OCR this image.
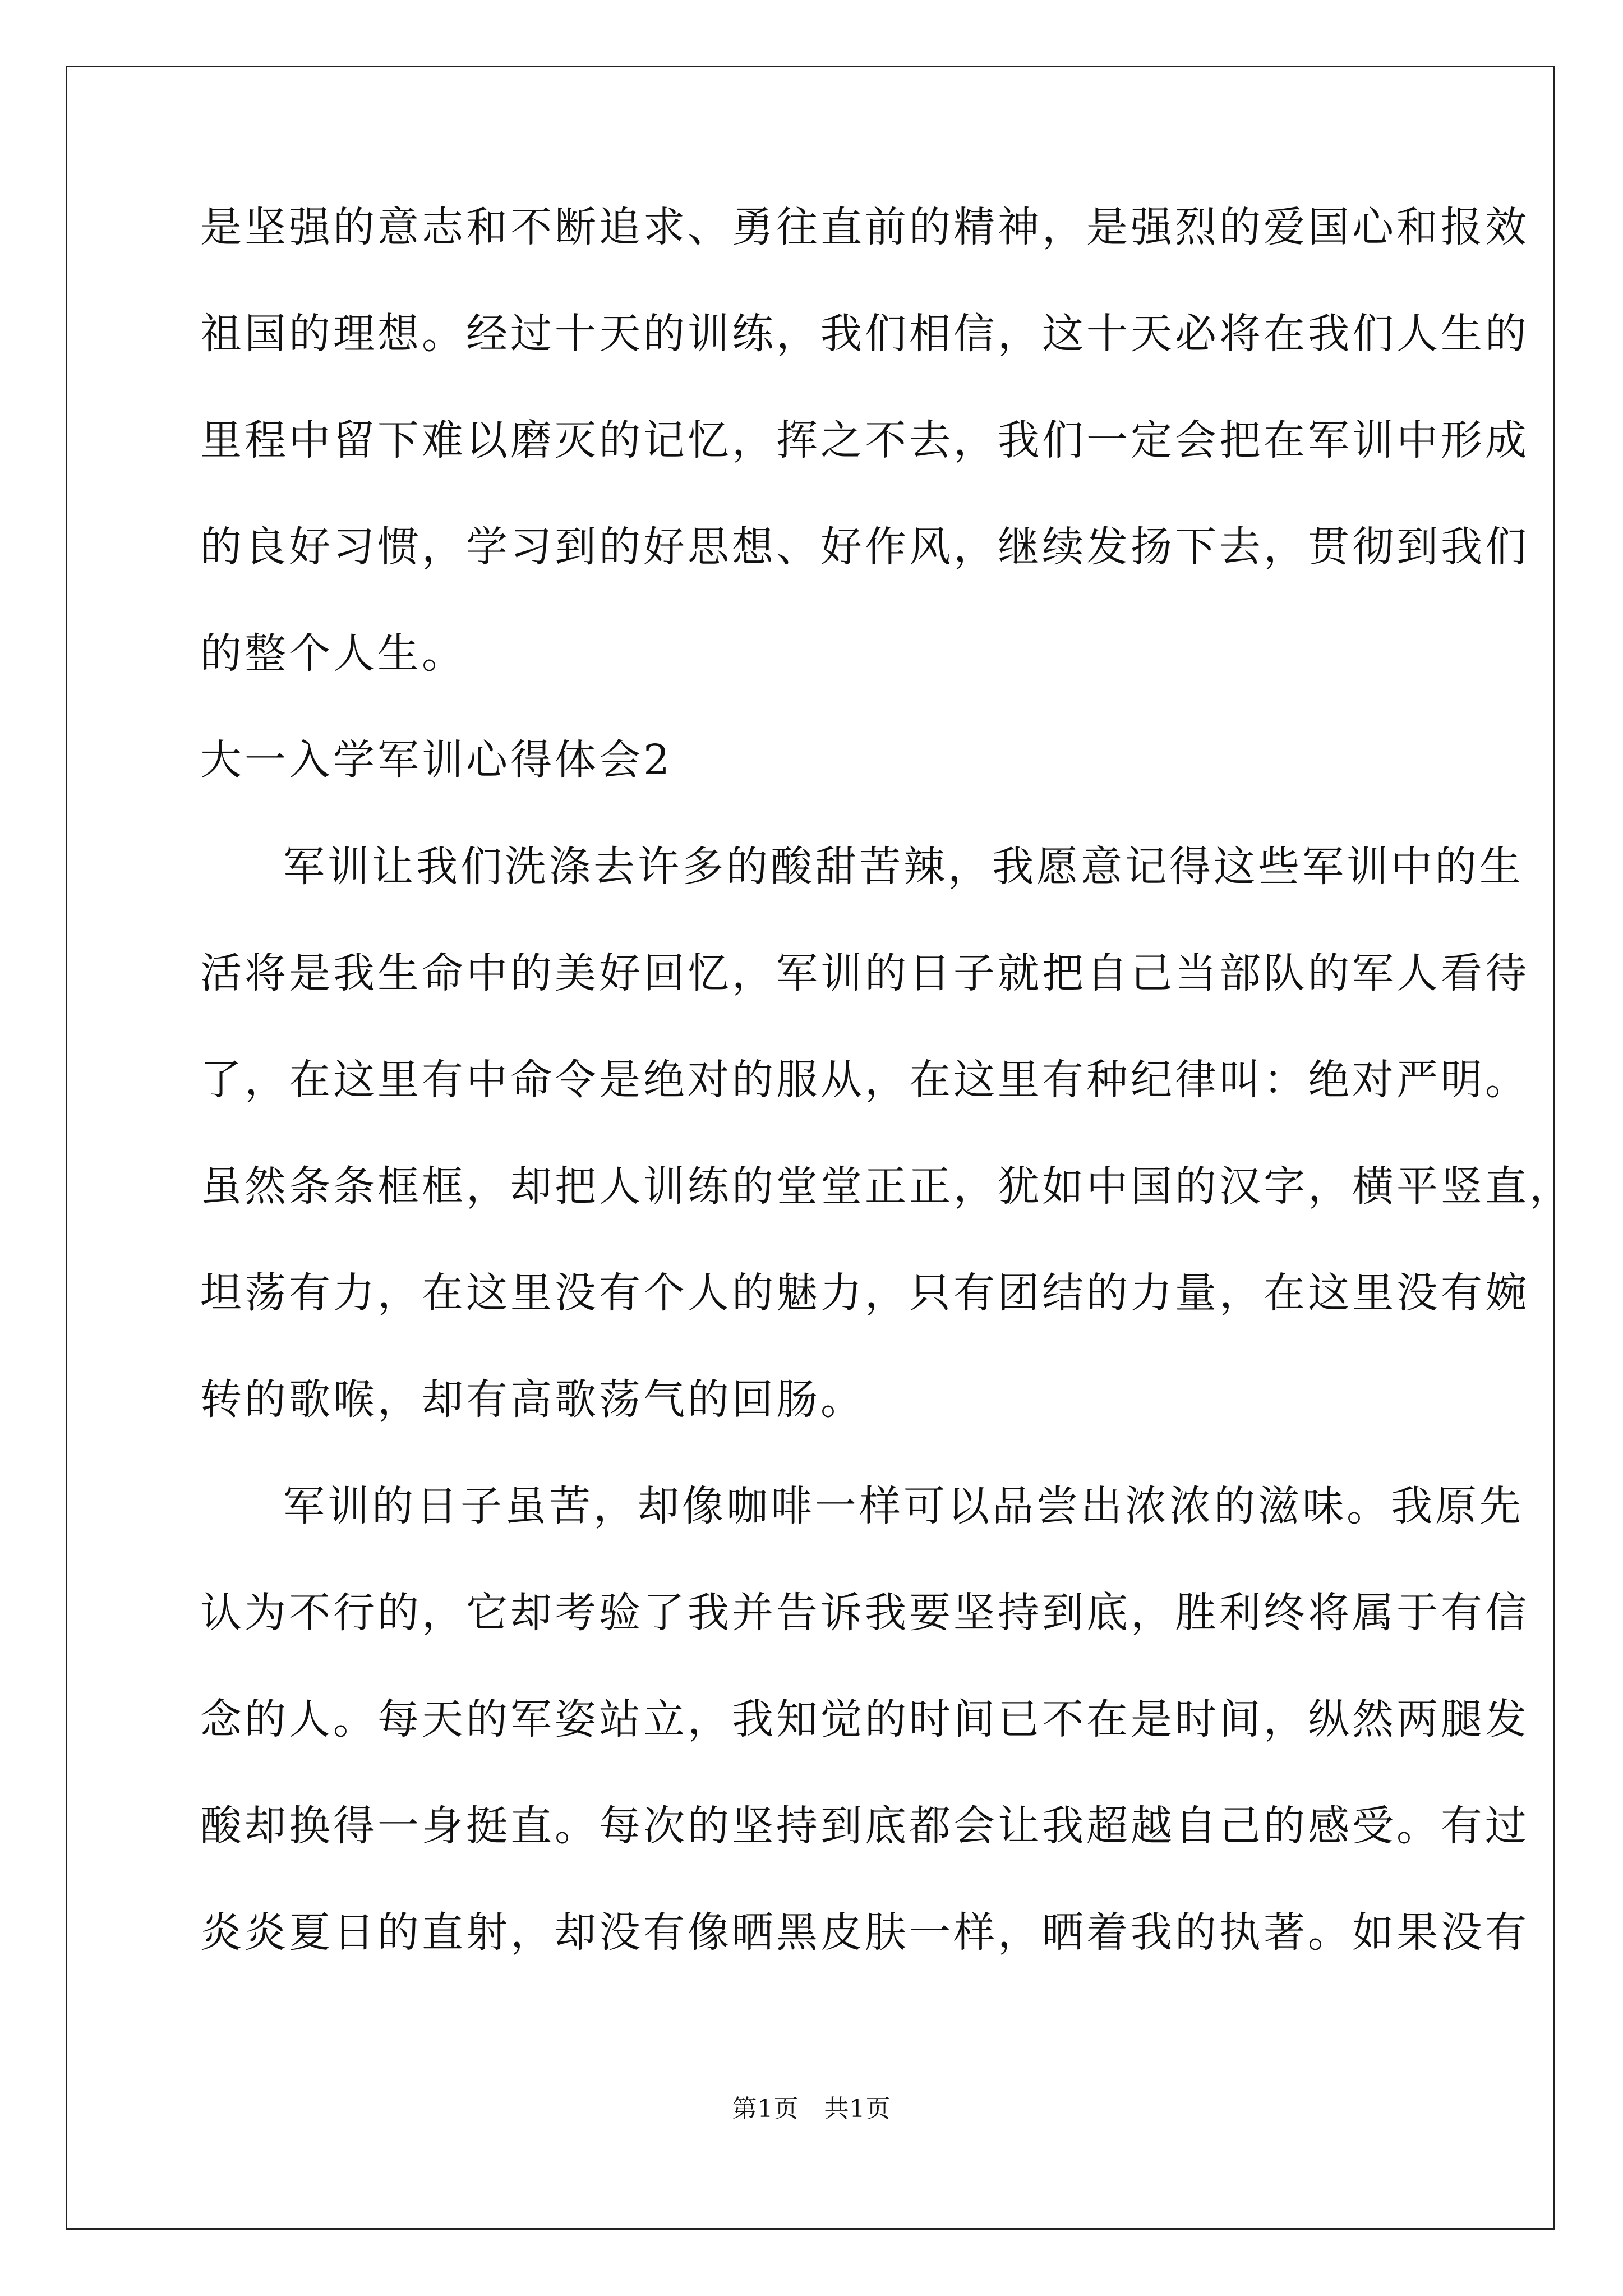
是坚强的意志和不断追求、勇往直前的精神，是强烈的爱国心和报效
祖国的理想。经过十天的训练，我们相信，这十天必将在我们人生的
里程中留下难以磨灭的记忆，挥之不去，我们一定会把在军训中形成
的良好习惯，学习到的好思想、好作风，继续发扬下去，贯彻到我们
的整个人生。
大一入学军训心得体会2
军训让我们洗涤去许多的酸甜苦辣，我愿意记得这些军训中的生
活将是我生命中的美好回忆，军训的日子就把自己当部队的军人看待
了，在这里有中命令是绝对的服从，在这里有种纪律叫：绝对严明。
虽然条条框框，却把人训练的堂堂正正，犹如中国的汉字，横平竖直，
坦荡有力，在这里没有个人的魅力，只有团结的力量，在这里没有婉
转的歌喉，却有高歌荡气的回肠。
军训的日子虽苦，却像咖啡一样可以品尝出浓浓的滋味。我原先
认为不行的，它却考验了我并告诉我要坚持到底，胜利终将属于有信
念的人。每天的军姿站立，我知觉的时间已不在是时间，纵然两腿发
酸却换得一身挺直。每次的坚持到底都会让我超越自己的感受。有过
炎炎夏日的直射，却没有像晒黑皮肤一样，晒着我的执著。如果没有
第1页　共1页
